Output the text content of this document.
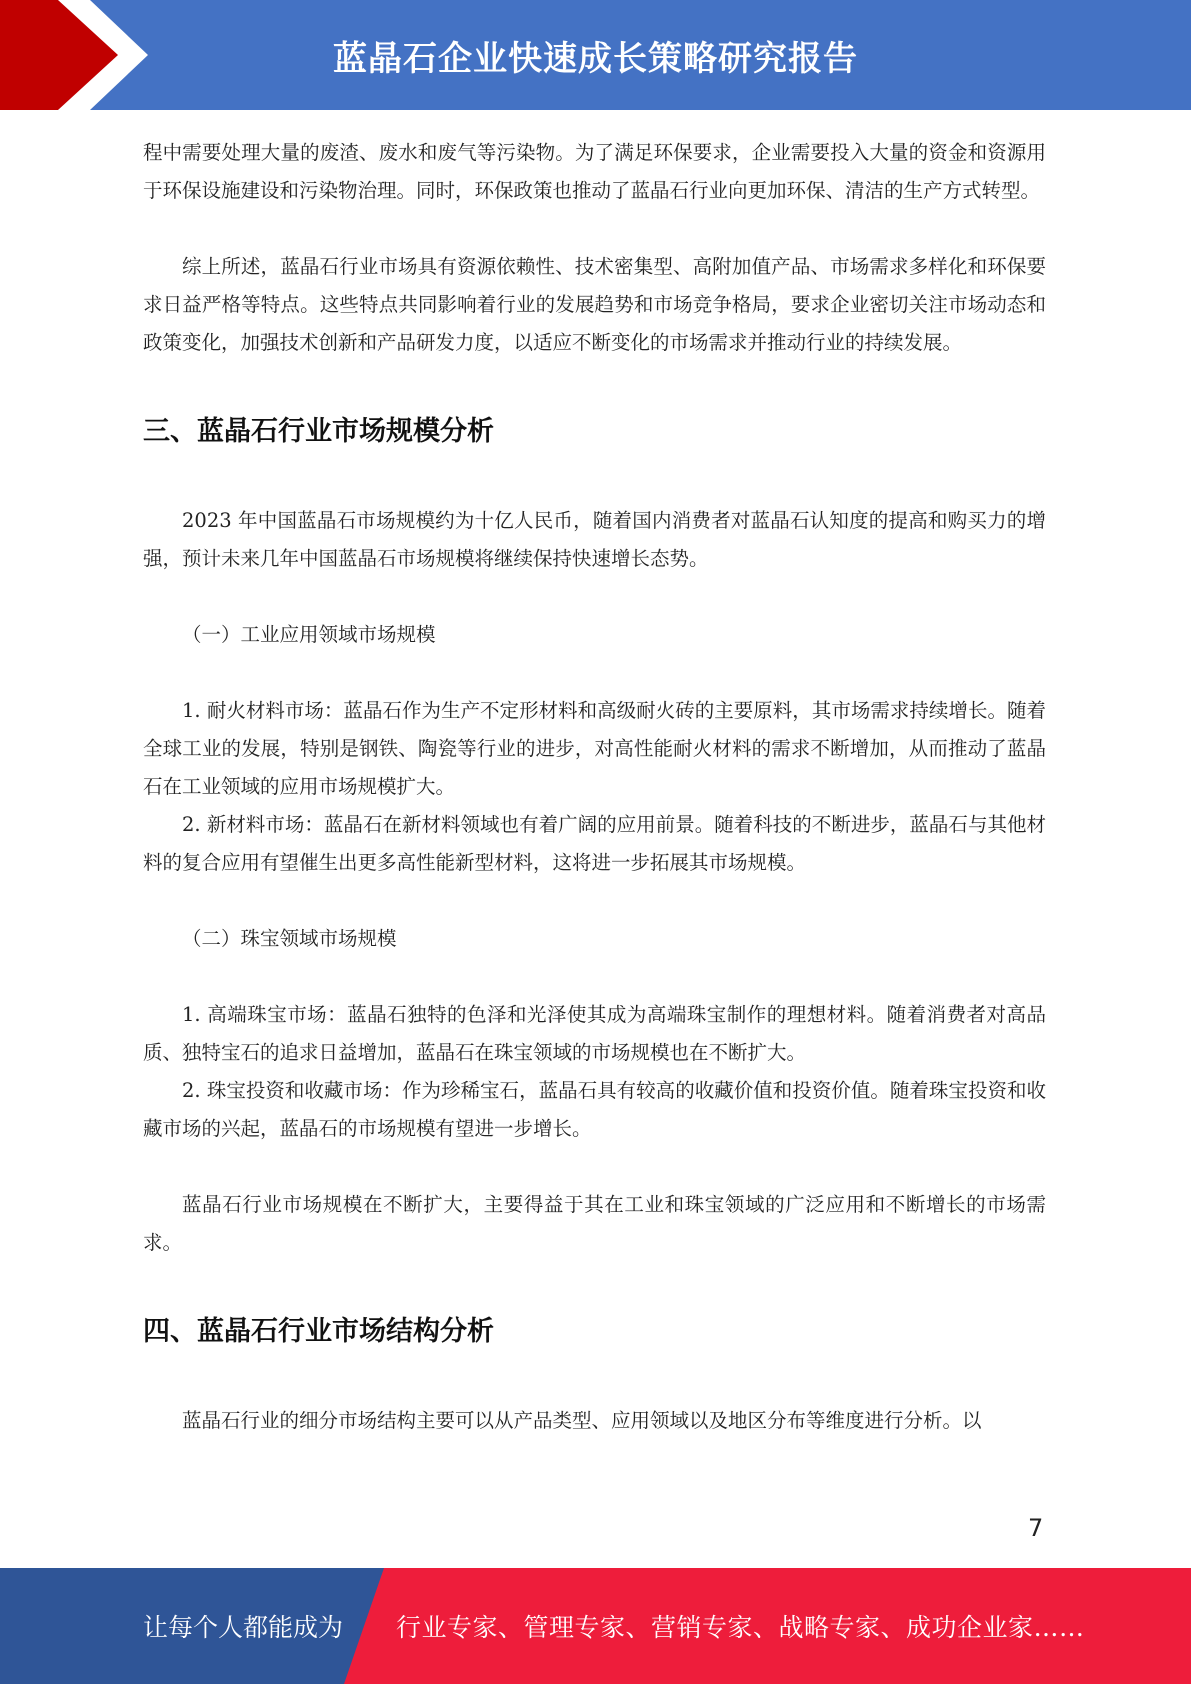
蓝晶石企业快速成长策略研究报告

程中需要处理大量的废渣、废水和废气等污染物。为了满足环保要求，企业需要投入大量的资金和资源用于环保设施建设和污染物治理。同时，环保政策也推动了蓝晶石行业向更加环保、清洁的生产方式转型。

综上所述，蓝晶石行业市场具有资源依赖性、技术密集型、高附加值产品、市场需求多样化和环保要求日益严格等特点。这些特点共同影响着行业的发展趋势和市场竞争格局，要求企业密切关注市场动态和政策变化，加强技术创新和产品研发力度，以适应不断变化的市场需求并推动行业的持续发展。

三、蓝晶石行业市场规模分析

2023 年中国蓝晶石市场规模约为十亿人民币，随着国内消费者对蓝晶石认知度的提高和购买力的增强，预计未来几年中国蓝晶石市场规模将继续保持快速增长态势。

（一）工业应用领域市场规模

1. 耐火材料市场：蓝晶石作为生产不定形材料和高级耐火砖的主要原料，其市场需求持续增长。随着全球工业的发展，特别是钢铁、陶瓷等行业的进步，对高性能耐火材料的需求不断增加，从而推动了蓝晶石在工业领域的应用市场规模扩大。

2. 新材料市场：蓝晶石在新材料领域也有着广阔的应用前景。随着科技的不断进步，蓝晶石与其他材料的复合应用有望催生出更多高性能新型材料，这将进一步拓展其市场规模。

（二）珠宝领域市场规模

1. 高端珠宝市场：蓝晶石独特的色泽和光泽使其成为高端珠宝制作的理想材料。随着消费者对高品质、独特宝石的追求日益增加，蓝晶石在珠宝领域的市场规模也在不断扩大。

2. 珠宝投资和收藏市场：作为珍稀宝石，蓝晶石具有较高的收藏价值和投资价值。随着珠宝投资和收藏市场的兴起，蓝晶石的市场规模有望进一步增长。

蓝晶石行业市场规模在不断扩大，主要得益于其在工业和珠宝领域的广泛应用和不断增长的市场需求。

四、蓝晶石行业市场结构分析

蓝晶石行业的细分市场结构主要可以从产品类型、应用领域以及地区分布等维度进行分析。以

7
让每个人都能成为 行业专家、管理专家、营销专家、战略专家、成功企业家……
